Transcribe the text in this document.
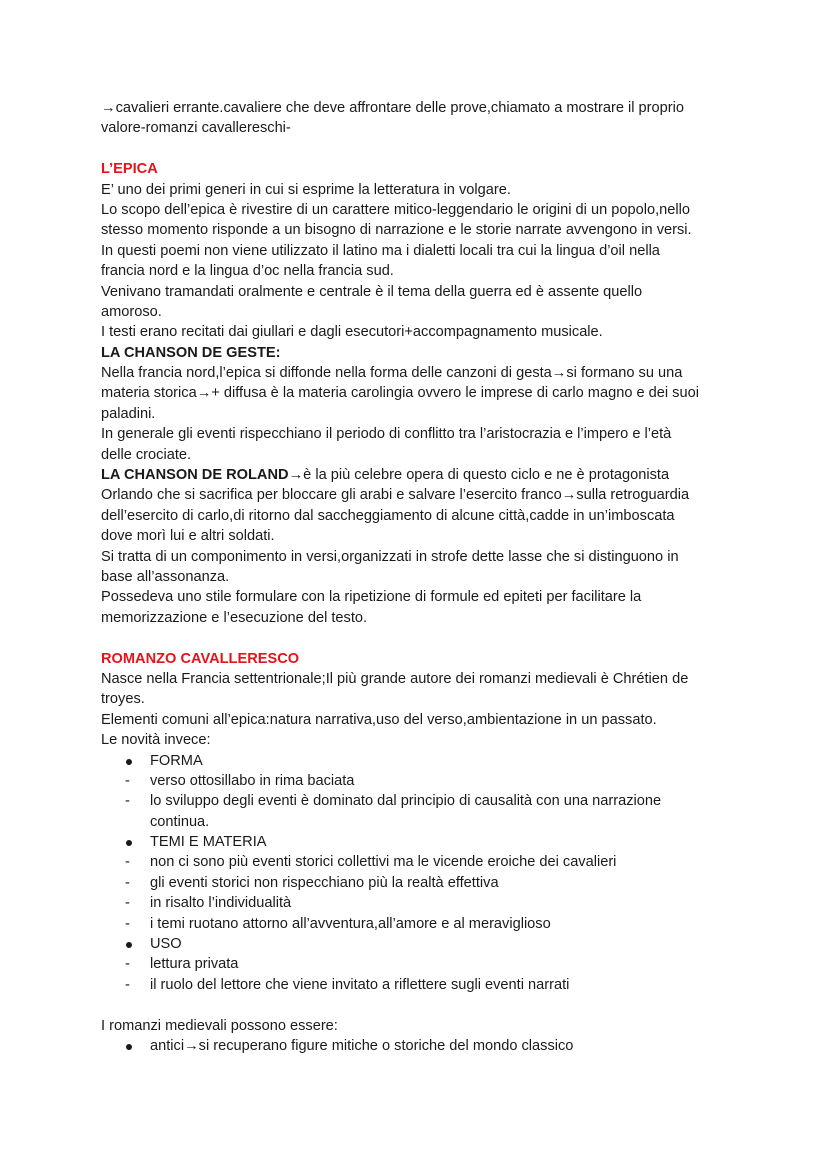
→cavalieri errante.cavaliere che deve affrontare delle prove,chiamato a mostrare il proprio
valore-romanzi cavallereschi-
L’EPICA
E’ uno dei primi generi in cui si esprime la letteratura in volgare.
Lo scopo dell’epica è rivestire di un carattere mitico-leggendario le origini di un popolo,nello
stesso momento risponde a un bisogno di narrazione e le storie narrate avvengono in versi.
In questi poemi non viene utilizzato il latino ma i dialetti locali tra cui la lingua d’oil nella
francia nord e la lingua d’oc nella francia sud.
Venivano tramandati oralmente e centrale è il tema della guerra ed è assente quello
amoroso.
I testi erano recitati dai giullari e dagli esecutori+accompagnamento musicale.
LA CHANSON DE GESTE:
Nella francia nord,l’epica si diffonde nella forma delle canzoni di gesta→si formano su una
materia storica→+ diffusa è la materia carolingia ovvero le imprese di carlo magno e dei suoi
paladini.
In generale gli eventi rispecchiano il periodo di conflitto tra l’aristocrazia e l’impero e l’età
delle crociate.
LA CHANSON DE ROLAND→è la più celebre opera di questo ciclo e ne è protagonista
Orlando che si sacrifica per bloccare gli arabi e salvare l’esercito franco→sulla retroguardia
dell’esercito di carlo,di ritorno dal saccheggiamento di alcune città,cadde in un’imboscata
dove morì lui e altri soldati.
Si tratta di un componimento in versi,organizzati in strofe dette lasse che si distinguono in
base all’assonanza.
Possedeva uno stile formulare con la ripetizione di formule ed epiteti per facilitare la
memorizzazione e l’esecuzione del testo.
ROMANZO CAVALLERESCO
Nasce nella Francia settentrionale;Il più grande autore dei romanzi medievali è Chrétien de
troyes.
Elementi comuni all’epica:natura narrativa,uso del verso,ambientazione in un passato.
Le novità invece:
FORMA
- verso ottosillabo in rima baciata
- lo sviluppo degli eventi è dominato dal principio di causalità con una narrazione
continua.
TEMI E MATERIA
- non ci sono più eventi storici collettivi ma le vicende eroiche dei cavalieri
- gli eventi storici non rispecchiano più la realtà effettiva
- in risalto l’individualità
- i temi ruotano attorno all’avventura,all’amore e al meraviglioso
USO
- lettura privata
- il ruolo del lettore che viene invitato a riflettere sugli eventi narrati
I romanzi medievali possono essere:
antici→si recuperano figure mitiche o storiche del mondo classico
